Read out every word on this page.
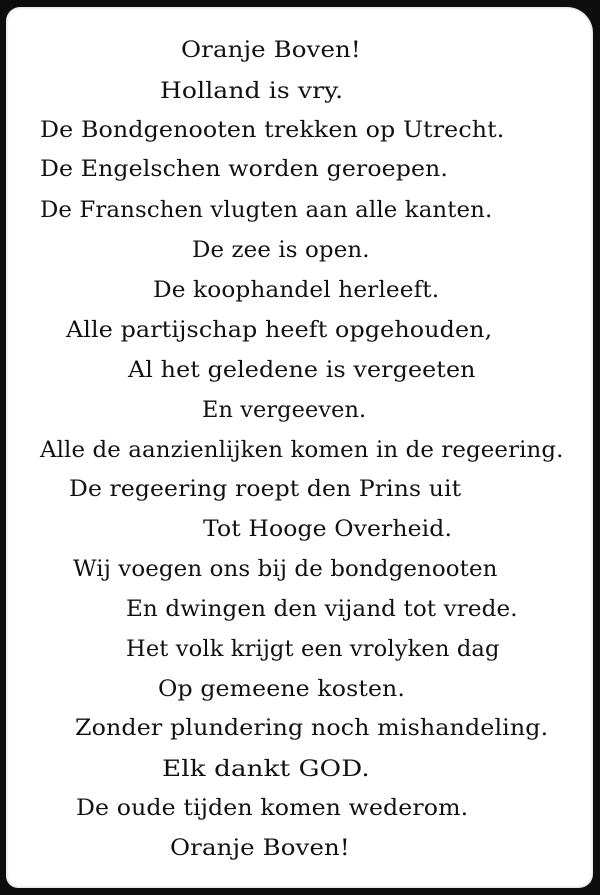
Oranje Boven!
Holland is vry.
De Bondgenooten trekken op Utrecht.
De Engelschen worden geroepen.
De Franschen vlugten aan alle kanten.
De zee is open.
De koophandel herleeft.
Alle partijschap heeft opgehouden,
Al het geledene is vergeeten
En vergeeven.
Alle de aanzienlijken komen in de regeering.
De regeering roept den Prins uit
Tot Hooge Overheid.
Wij voegen ons bij de bondgenooten
En dwingen den vijand tot vrede.
Het volk krijgt een vrolyken dag
Op gemeene kosten.
Zonder plundering noch mishandeling.
Elk dankt GOD.
De oude tijden komen wederom.
Oranje Boven!
